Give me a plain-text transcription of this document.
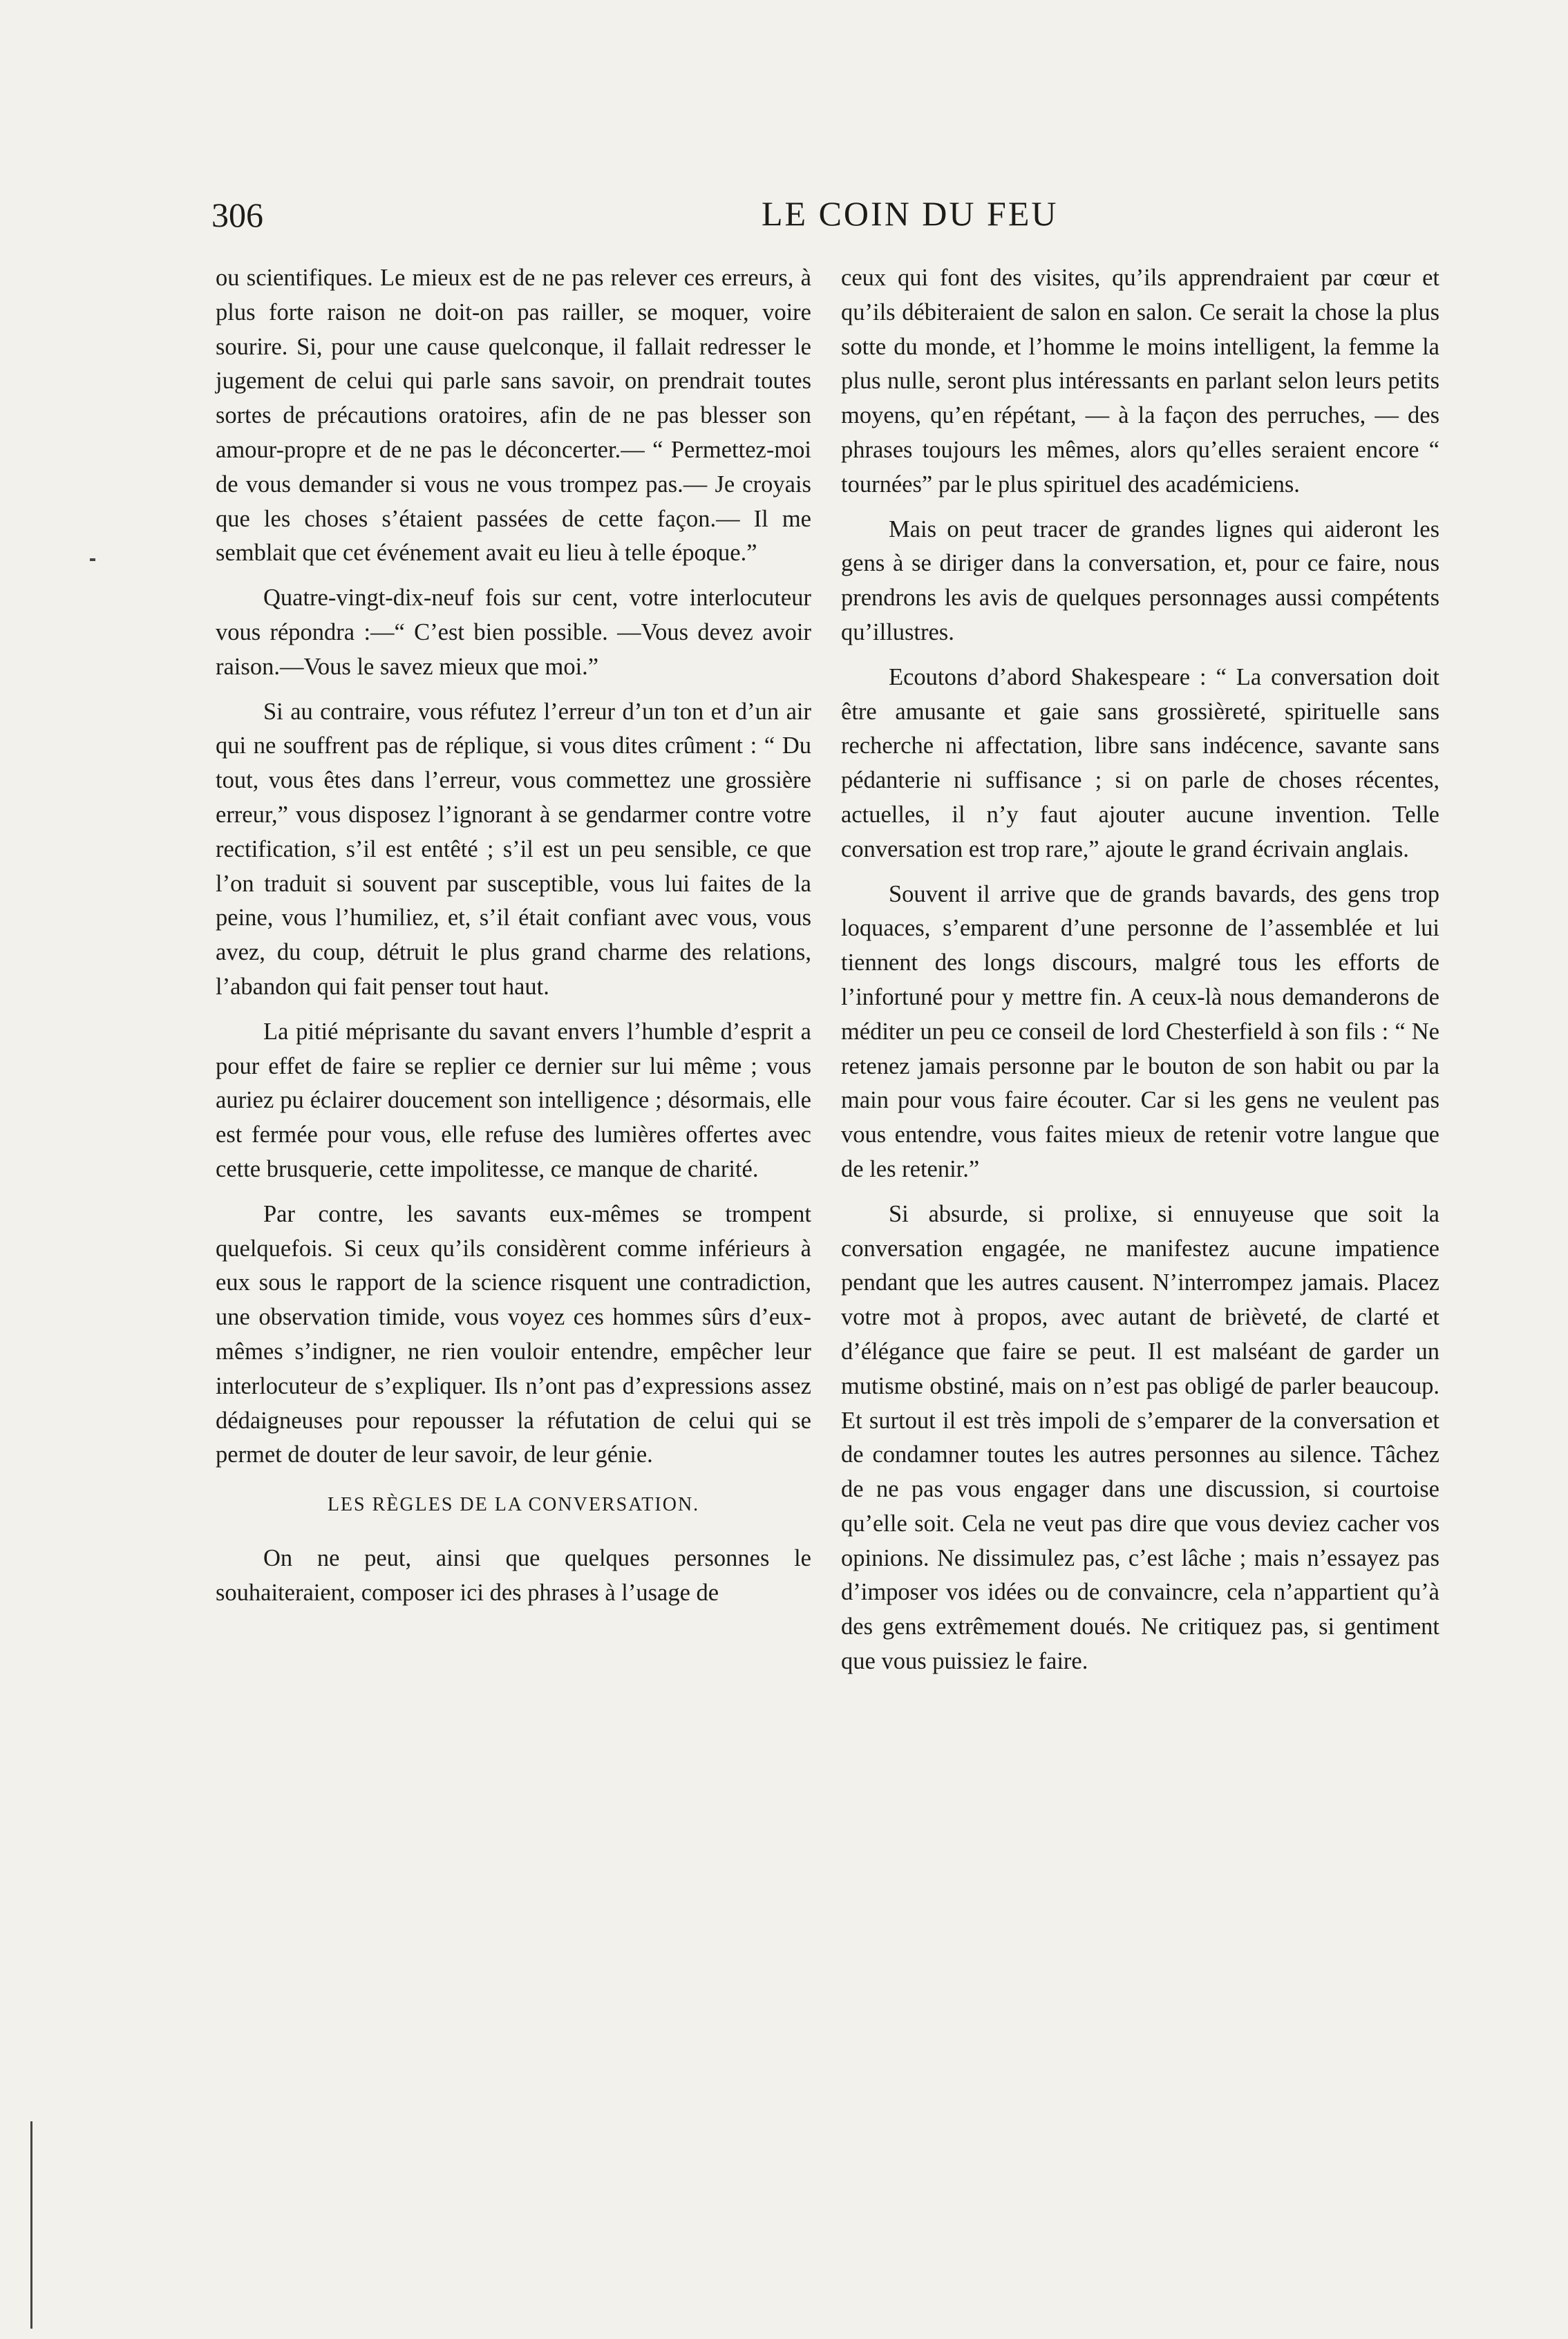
306	LE COIN DU FEU

ou scientifiques. Le mieux est de ne pas relever ces erreurs, à plus forte raison ne doit-on pas railler, se moquer, voire sourire. Si, pour une cause quelconque, il fallait redresser le jugement de celui qui parle sans savoir, on prendrait toutes sortes de précautions oratoires, afin de ne pas blesser son amour-propre et de ne pas le déconcerter.— “ Permettez-moi de vous demander si vous ne vous trompez pas.— Je croyais que les choses s’étaient passées de cette façon.— Il me semblait que cet événement avait eu lieu à telle époque.”

Quatre-vingt-dix-neuf fois sur cent, votre interlocuteur vous répondra :—“ C’est bien possible. —Vous devez avoir raison.—Vous le savez mieux que moi.”

Si au contraire, vous réfutez l’erreur d’un ton et d’un air qui ne souffrent pas de réplique, si vous dites crûment : “ Du tout, vous êtes dans l’erreur, vous commettez une grossière erreur,” vous disposez l’ignorant à se gendarmer contre votre rectification, s’il est entêté ; s’il est un peu sensible, ce que l’on traduit si souvent par susceptible, vous lui faites de la peine, vous l’humiliez, et, s’il était confiant avec vous, vous avez, du coup, détruit le plus grand charme des relations, l’abandon qui fait penser tout haut.

La pitié méprisante du savant envers l’humble d’esprit a pour effet de faire se replier ce dernier sur lui même ; vous auriez pu éclairer doucement son intelligence ; désormais, elle est fermée pour vous, elle refuse des lumières offertes avec cette brusquerie, cette impolitesse, ce manque de charité.

Par contre, les savants eux-mêmes se trompent quelquefois. Si ceux qu’ils considèrent comme inférieurs à eux sous le rapport de la science risquent une contradiction, une observation timide, vous voyez ces hommes sûrs d’eux-mêmes s’indigner, ne rien vouloir entendre, empêcher leur interlocuteur de s’expliquer. Ils n’ont pas d’expressions assez dédaigneuses pour repousser la réfutation de celui qui se permet de douter de leur savoir, de leur génie.

LES RÈGLES DE LA CONVERSATION.

On ne peut, ainsi que quelques personnes le souhaiteraient, composer ici des phrases à l’usage de

ceux qui font des visites, qu’ils apprendraient par cœur et qu’ils débiteraient de salon en salon. Ce serait la chose la plus sotte du monde, et l’homme le moins intelligent, la femme la plus nulle, seront plus intéressants en parlant selon leurs petits moyens, qu’en répétant, — à la façon des perruches, — des phrases toujours les mêmes, alors qu’elles seraient encore “ tournées” par le plus spirituel des académiciens.

Mais on peut tracer de grandes lignes qui aideront les gens à se diriger dans la conversation, et, pour ce faire, nous prendrons les avis de quelques personnages aussi compétents qu’illustres.

Ecoutons d’abord Shakespeare : “ La conversation doit être amusante et gaie sans grossièreté, spirituelle sans recherche ni affectation, libre sans indécence, savante sans pédanterie ni suffisance ; si on parle de choses récentes, actuelles, il n’y faut ajouter aucune invention. Telle conversation est trop rare,” ajoute le grand écrivain anglais.

Souvent il arrive que de grands bavards, des gens trop loquaces, s’emparent d’une personne de l’assemblée et lui tiennent des longs discours, malgré tous les efforts de l’infortuné pour y mettre fin. A ceux-là nous demanderons de méditer un peu ce conseil de lord Chesterfield à son fils : “ Ne retenez jamais personne par le bouton de son habit ou par la main pour vous faire écouter. Car si les gens ne veulent pas vous entendre, vous faites mieux de retenir votre langue que de les retenir.”

Si absurde, si prolixe, si ennuyeuse que soit la conversation engagée, ne manifestez aucune impatience pendant que les autres causent. N’interrompez jamais. Placez votre mot à propos, avec autant de brièveté, de clarté et d’élégance que faire se peut. Il est malséant de garder un mutisme obstiné, mais on n’est pas obligé de parler beaucoup. Et surtout il est très impoli de s’emparer de la conversation et de condamner toutes les autres personnes au silence. Tâchez de ne pas vous engager dans une discussion, si courtoise qu’elle soit. Cela ne veut pas dire que vous deviez cacher vos opinions. Ne dissimulez pas, c’est lâche ; mais n’essayez pas d’imposer vos idées ou de convaincre, cela n’appartient qu’à des gens extrêmement doués. Ne critiquez pas, si gentiment que vous puissiez le faire.
